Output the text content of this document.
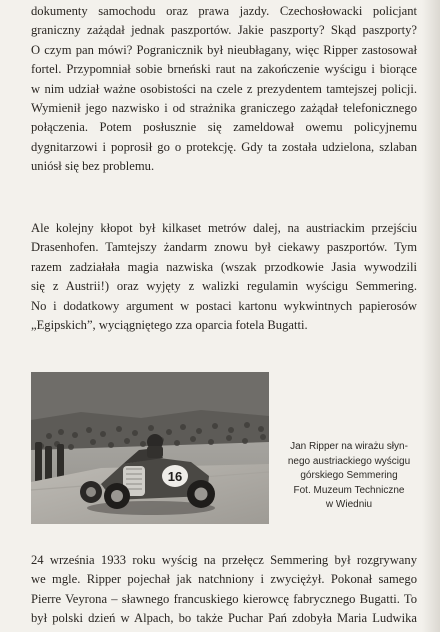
dokumenty samochodu oraz prawa jazdy. Czechosłowacki policjant
graniczny zażądał jednak paszportów. Jakie paszporty? Skąd paszporty?
O czym pan mówi? Pogranicznik był nieubłagany, więc Ripper zastosował
fortel. Przypomniał sobie brneński raut na zakończenie wyścigu i biorące
w nim udział ważne osobistości na czele z prezydentem tamtejszej policji.
Wymienił jego nazwisko i od strażnika graniczego zażądał telefonicznego
połączenia. Potem posłusznie się zameldował owemu policyjnemu
dygnitarzowi i poprosił go o protekcję. Gdy ta została udzielona, szlaban
uniósł się bez problemu.
Ale kolejny kłopot był kilkaset metrów dalej, na austriackim przejściu
Drasenhofen. Tamtejszy żandarm znowu był ciekawy paszportów. Tym
razem zadziałała magia nazwiska (wszak przodkowie Jasia wywodzili
się z Austrii!) oraz wyjęty z walizki regulamin wyścigu Semmering.
No i dodatkowy argument w postaci kartonu wykwintnych papierosów
„Egipskich”, wyciągniętego zza oparcia fotela Bugatti.
16
Jan Ripper na wirażu słyn-
nego austriackiego wyścigu
górskiego Semmering
Fot. Muzeum Techniczne
w Wiedniu
24 września 1933 roku wyścig na przełęcz Semmering był rozgrywany
we mgle. Ripper pojechał jak natchniony i zwyciężył. Pokonał samego
Pierre Veyrona – sławnego francuskiego kierowcę fabrycznego Bugatti. To
był polski dzień w Alpach, bo także Puchar Pań zdobyła Maria Ludwika
